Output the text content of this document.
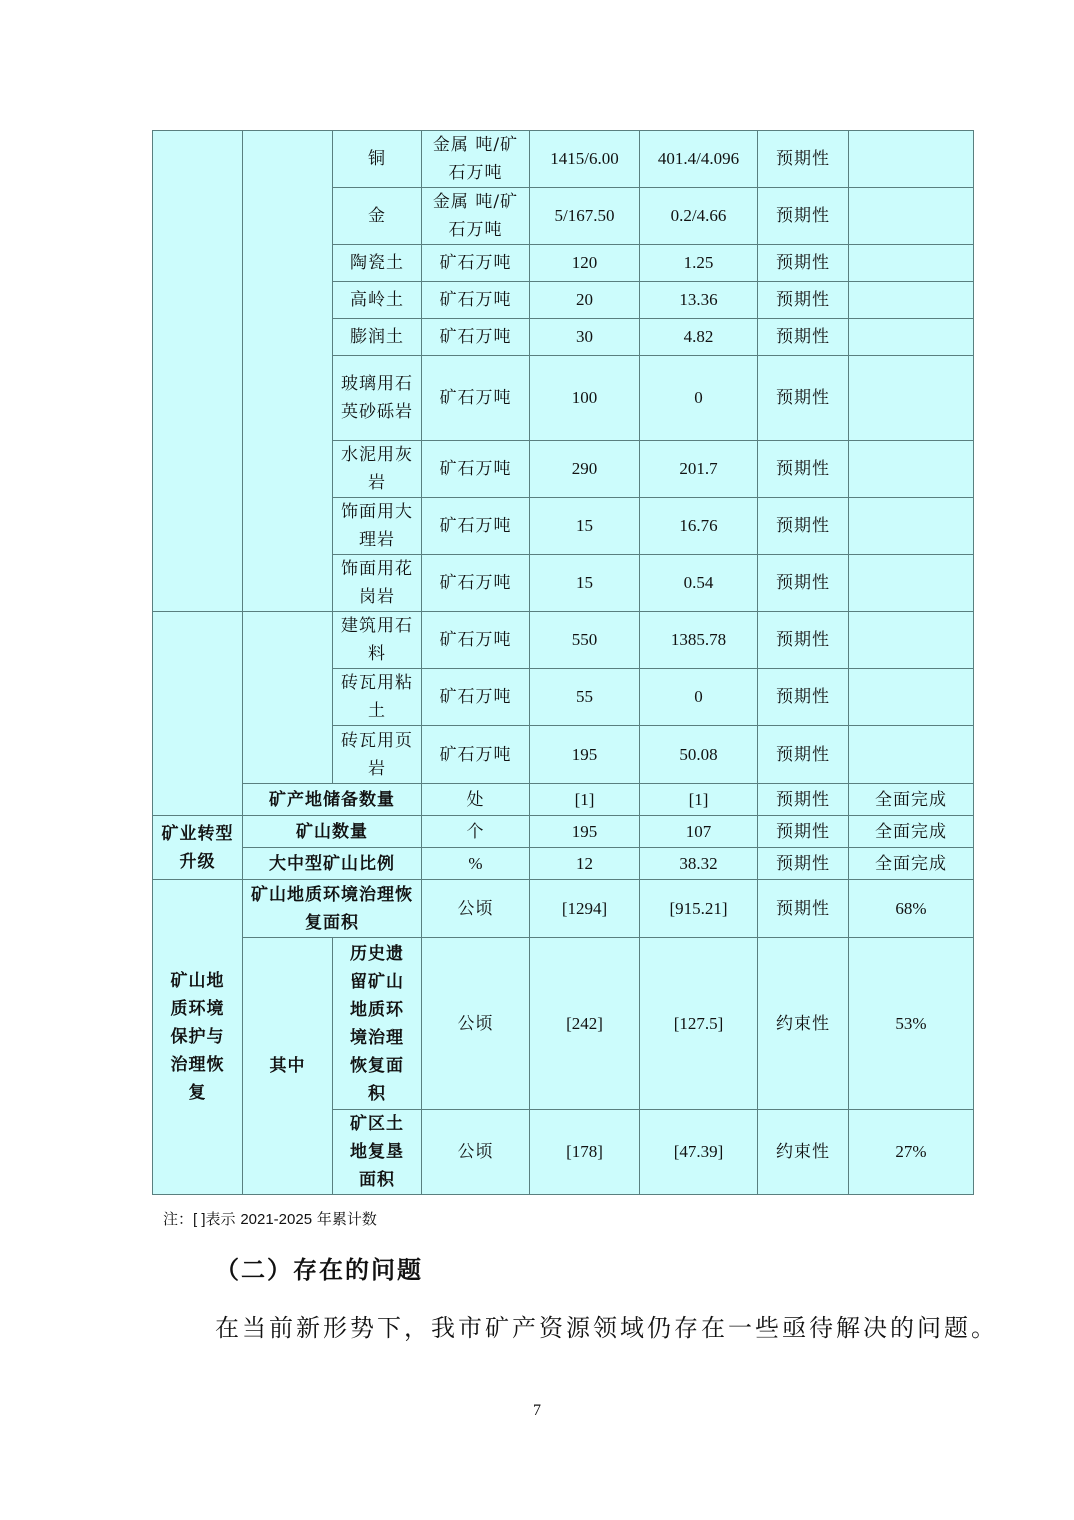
		铜	金属 吨/矿石万吨	1415/6.00	401.4/4.096	预期性	
		金	金属 吨/矿石万吨	5/167.50	0.2/4.66	预期性	
		陶瓷土	矿石万吨	120	1.25	预期性	
		高岭土	矿石万吨	20	13.36	预期性	
		膨润土	矿石万吨	30	4.82	预期性	
		玻璃用石英砂砾岩	矿石万吨	100	0	预期性	
		水泥用灰岩	矿石万吨	290	201.7	预期性	
		饰面用大理岩	矿石万吨	15	16.76	预期性	
		饰面用花岗岩	矿石万吨	15	0.54	预期性	
		建筑用石料	矿石万吨	550	1385.78	预期性	
		砖瓦用粘土	矿石万吨	55	0	预期性	
		砖瓦用页岩	矿石万吨	195	50.08	预期性	
	矿产地储备数量		处	[1]	[1]	预期性	全面完成
矿业转型升级	矿山数量		个	195	107	预期性	全面完成
	大中型矿山比例		%	12	38.32	预期性	全面完成
矿山地质环境保护与治理恢复	矿山地质环境治理恢复面积		公顷	[1294]	[915.21]	预期性	68%
	其中	历史遗留矿山地质环境治理恢复面积	公顷	[242]	[127.5]	约束性	53%
		矿区土地复垦面积	公顷	[178]	[47.39]	约束性	27%
注：[ ]表示 2021-2025 年累计数
（二）存在的问题
在当前新形势下，我市矿产资源领域仍存在一些亟待解决的问题。
7
